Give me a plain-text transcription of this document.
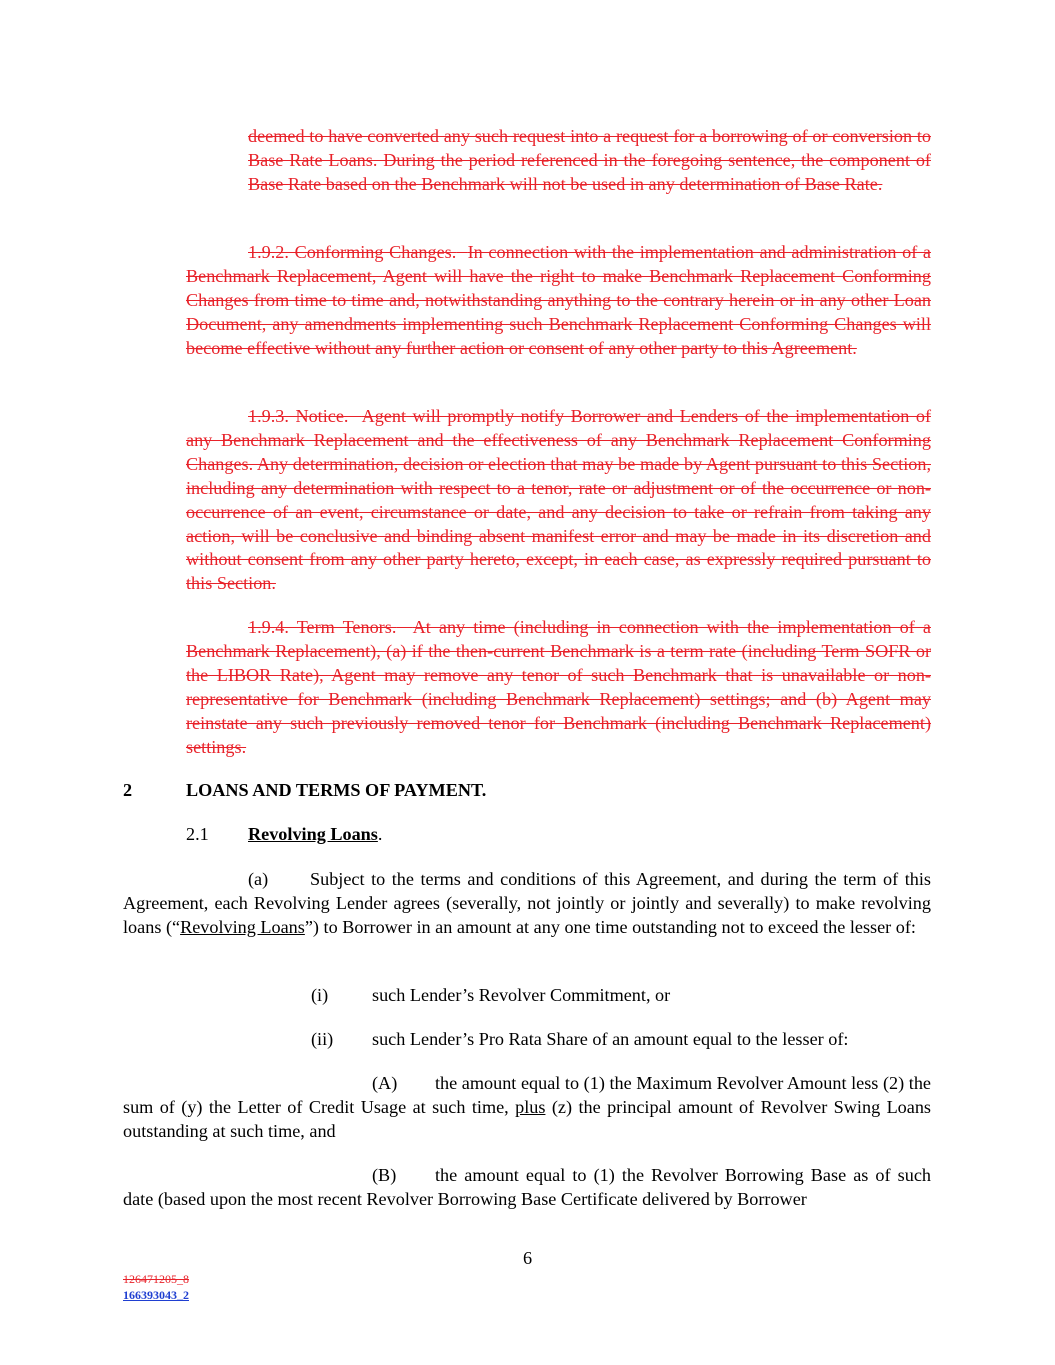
deemed to have converted any such request into a request for a borrowing of or conversion to Base Rate Loans. During the period referenced in the foregoing sentence, the component of Base Rate based on the Benchmark will not be used in any determination of Base Rate.

1.9.2. Conforming Changes. In connection with the implementation and administration of a Benchmark Replacement, Agent will have the right to make Benchmark Replacement Conforming Changes from time to time and, notwithstanding anything to the contrary herein or in any other Loan Document, any amendments implementing such Benchmark Replacement Conforming Changes will become effective without any further action or consent of any other party to this Agreement.

1.9.3. Notice. Agent will promptly notify Borrower and Lenders of the implementation of any Benchmark Replacement and the effectiveness of any Benchmark Replacement Conforming Changes. Any determination, decision or election that may be made by Agent pursuant to this Section, including any determination with respect to a tenor, rate or adjustment or of the occurrence or non-occurrence of an event, circumstance or date, and any decision to take or refrain from taking any action, will be conclusive and binding absent manifest error and may be made in its discretion and without consent from any other party hereto, except, in each case, as expressly required pursuant to this Section.

1.9.4. Term Tenors. At any time (including in connection with the implementation of a Benchmark Replacement), (a) if the then-current Benchmark is a term rate (including Term SOFR or the LIBOR Rate), Agent may remove any tenor of such Benchmark that is unavailable or non-representative for Benchmark (including Benchmark Replacement) settings; and (b) Agent may reinstate any such previously removed tenor for Benchmark (including Benchmark Replacement) settings.

2	LOANS AND TERMS OF PAYMENT.
2.1 Revolving Loans.

(a) Subject to the terms and conditions of this Agreement, and during the term of this Agreement, each Revolving Lender agrees (severally, not jointly or jointly and severally) to make revolving loans (“Revolving Loans”) to Borrower in an amount at any one time outstanding not to exceed the lesser of:

(i) such Lender’s Revolver Commitment, or
(ii) such Lender’s Pro Rata Share of an amount equal to the lesser of:

(A) the amount equal to (1) the Maximum Revolver Amount less (2) the sum of (y) the Letter of Credit Usage at such time, plus (z) the principal amount of Revolver Swing Loans outstanding at such time, and

(B) the amount equal to (1) the Revolver Borrowing Base as of such date (based upon the most recent Revolver Borrowing Base Certificate delivered by Borrower

6
126471205_8
166393043_2
